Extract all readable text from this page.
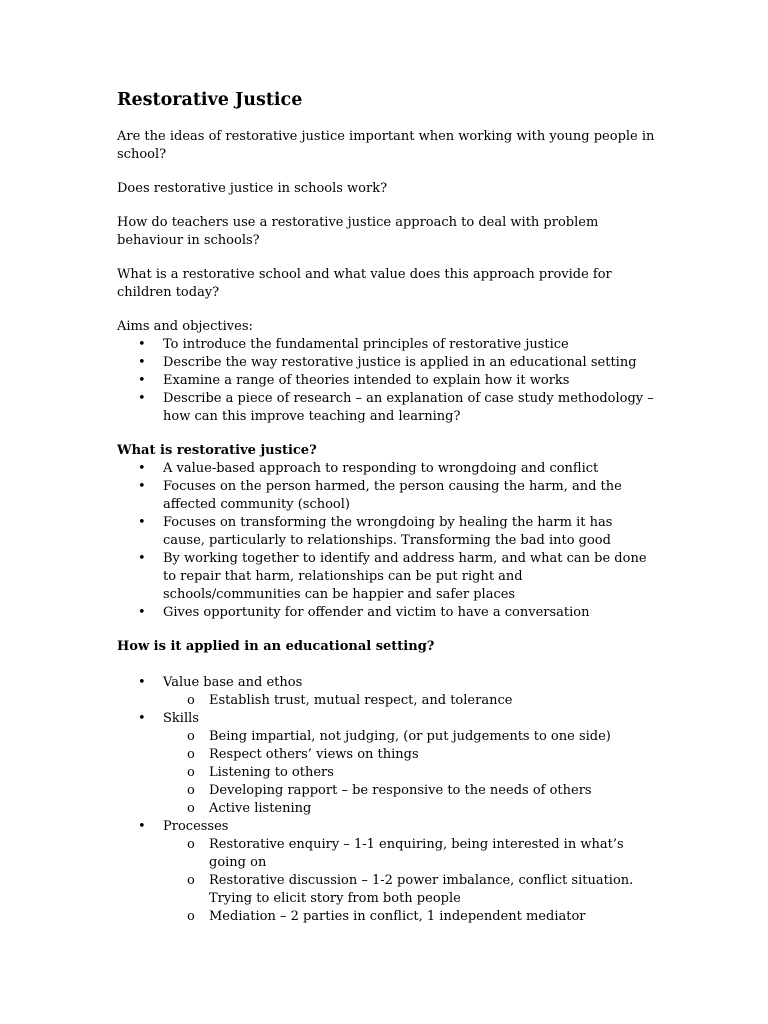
Restorative Justice

Are the ideas of restorative justice important when working with young people in school?

Does restorative justice in schools work?

How do teachers use a restorative justice approach to deal with problem behaviour in schools?

What is a restorative school and what value does this approach provide for children today?

Aims and objectives:
• To introduce the fundamental principles of restorative justice
• Describe the way restorative justice is applied in an educational setting
• Examine a range of theories intended to explain how it works
• Describe a piece of research – an explanation of case study methodology – how can this improve teaching and learning?
What is restorative justice?
• A value-based approach to responding to wrongdoing and conflict
• Focuses on the person harmed, the person causing the harm, and the affected community (school)
• Focuses on transforming the wrongdoing by healing the harm it has cause, particularly to relationships. Transforming the bad into good
• By working together to identify and address harm, and what can be done to repair that harm, relationships can be put right and schools/communities can be happier and safer places
• Gives opportunity for offender and victim to have a conversation
How is it applied in an educational setting?
• Value base and ethos
o Establish trust, mutual respect, and tolerance
• Skills
o Being impartial, not judging, (or put judgements to one side)
o Respect others’ views on things
o Listening to others
o Developing rapport – be responsive to the needs of others
o Active listening
• Processes
o Restorative enquiry – 1-1 enquiring, being interested in what’s going on
o Restorative discussion – 1-2 power imbalance, conflict situation. Trying to elicit story from both people
o Mediation – 2 parties in conflict, 1 independent mediator
